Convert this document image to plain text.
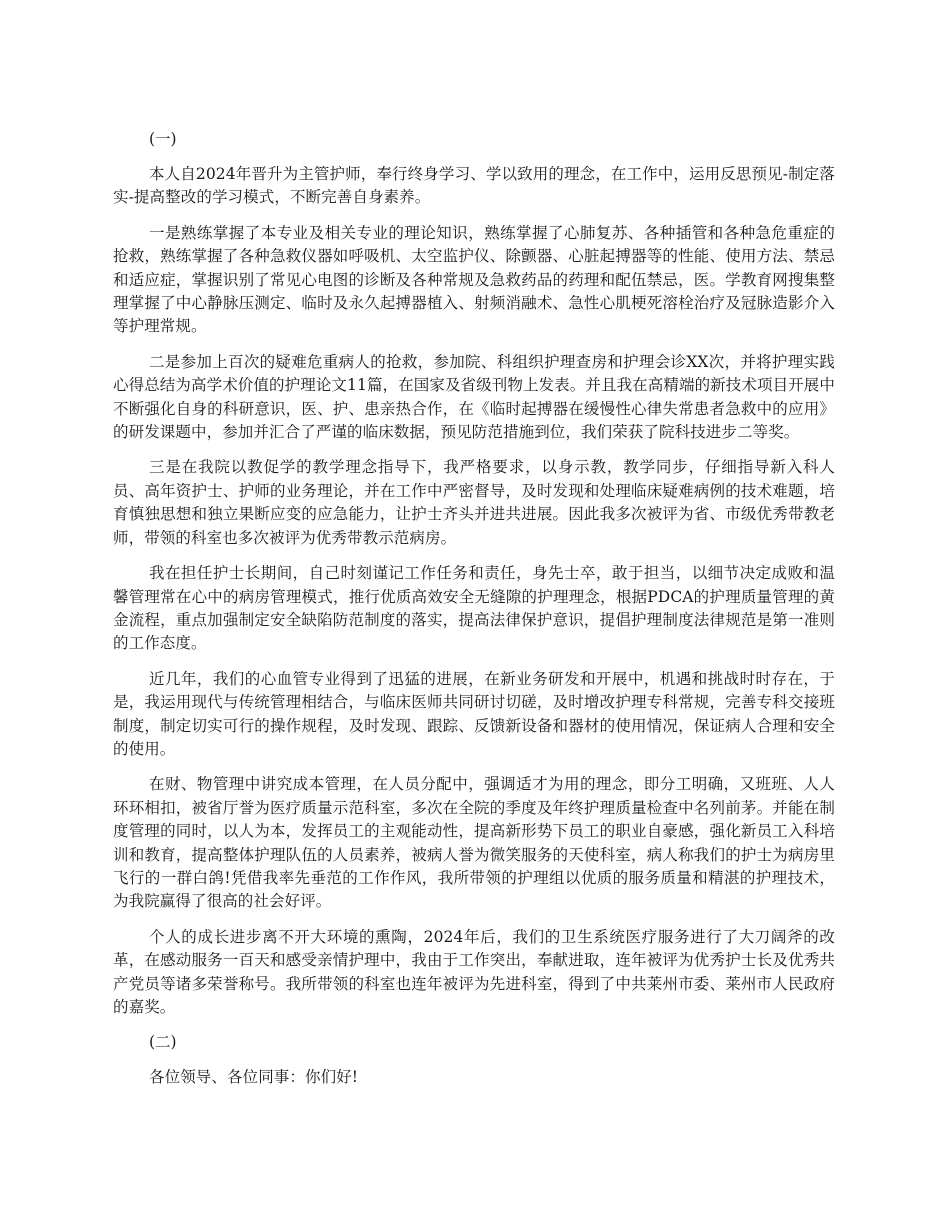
(一)

本人自2024年晋升为主管护师，奉行终身学习、学以致用的理念，在工作中，运用反思预见-制定落实-提高整改的学习模式，不断完善自身素养。

一是熟练掌握了本专业及相关专业的理论知识，熟练掌握了心肺复苏、各种插管和各种急危重症的抢救，熟练掌握了各种急救仪器如呼吸机、太空监护仪、除颤器、心脏起搏器等的性能、使用方法、禁忌和适应症，掌握识别了常见心电图的诊断及各种常规及急救药品的药理和配伍禁忌，医。学教育网搜集整理掌握了中心静脉压测定、临时及永久起搏器植入、射频消融术、急性心肌梗死溶栓治疗及冠脉造影介入等护理常规。

二是参加上百次的疑难危重病人的抢救，参加院、科组织护理查房和护理会诊XX次，并将护理实践心得总结为高学术价值的护理论文11篇，在国家及省级刊物上发表。并且我在高精端的新技术项目开展中不断强化自身的科研意识，医、护、患亲热合作，在《临时起搏器在缓慢性心律失常患者急救中的应用》的研发课题中，参加并汇合了严谨的临床数据，预见防范措施到位，我们荣获了院科技进步二等奖。

三是在我院以教促学的教学理念指导下，我严格要求，以身示教，教学同步，仔细指导新入科人员、高年资护士、护师的业务理论，并在工作中严密督导，及时发现和处理临床疑难病例的技术难题，培育慎独思想和独立果断应变的应急能力，让护士齐头并进共进展。因此我多次被评为省、市级优秀带教老师，带领的科室也多次被评为优秀带教示范病房。

我在担任护士长期间，自己时刻谨记工作任务和责任，身先士卒，敢于担当，以细节决定成败和温馨管理常在心中的病房管理模式，推行优质高效安全无缝隙的护理理念，根据PDCA的护理质量管理的黄金流程，重点加强制定安全缺陷防范制度的落实，提高法律保护意识，提倡护理制度法律规范是第一准则的工作态度。

近几年，我们的心血管专业得到了迅猛的进展，在新业务研发和开展中，机遇和挑战时时存在，于是，我运用现代与传统管理相结合，与临床医师共同研讨切磋，及时增改护理专科常规，完善专科交接班制度，制定切实可行的操作规程，及时发现、跟踪、反馈新设备和器材的使用情况，保证病人合理和安全的使用。

在财、物管理中讲究成本管理，在人员分配中，强调适才为用的理念，即分工明确，又班班、人人环环相扣，被省厅誉为医疗质量示范科室，多次在全院的季度及年终护理质量检查中名列前茅。并能在制度管理的同时，以人为本，发挥员工的主观能动性，提高新形势下员工的职业自豪感，强化新员工入科培训和教育，提高整体护理队伍的人员素养，被病人誉为微笑服务的天使科室，病人称我们的护士为病房里飞行的一群白鸽!凭借我率先垂范的工作作风，我所带领的护理组以优质的服务质量和精湛的护理技术，为我院赢得了很高的社会好评。

个人的成长进步离不开大环境的熏陶，2024年后，我们的卫生系统医疗服务进行了大刀阔斧的改革，在感动服务一百天和感受亲情护理中，我由于工作突出，奉献进取，连年被评为优秀护士长及优秀共产党员等诸多荣誉称号。我所带领的科室也连年被评为先进科室，得到了中共莱州市委、莱州市人民政府的嘉奖。

(二)

各位领导、各位同事：你们好!
